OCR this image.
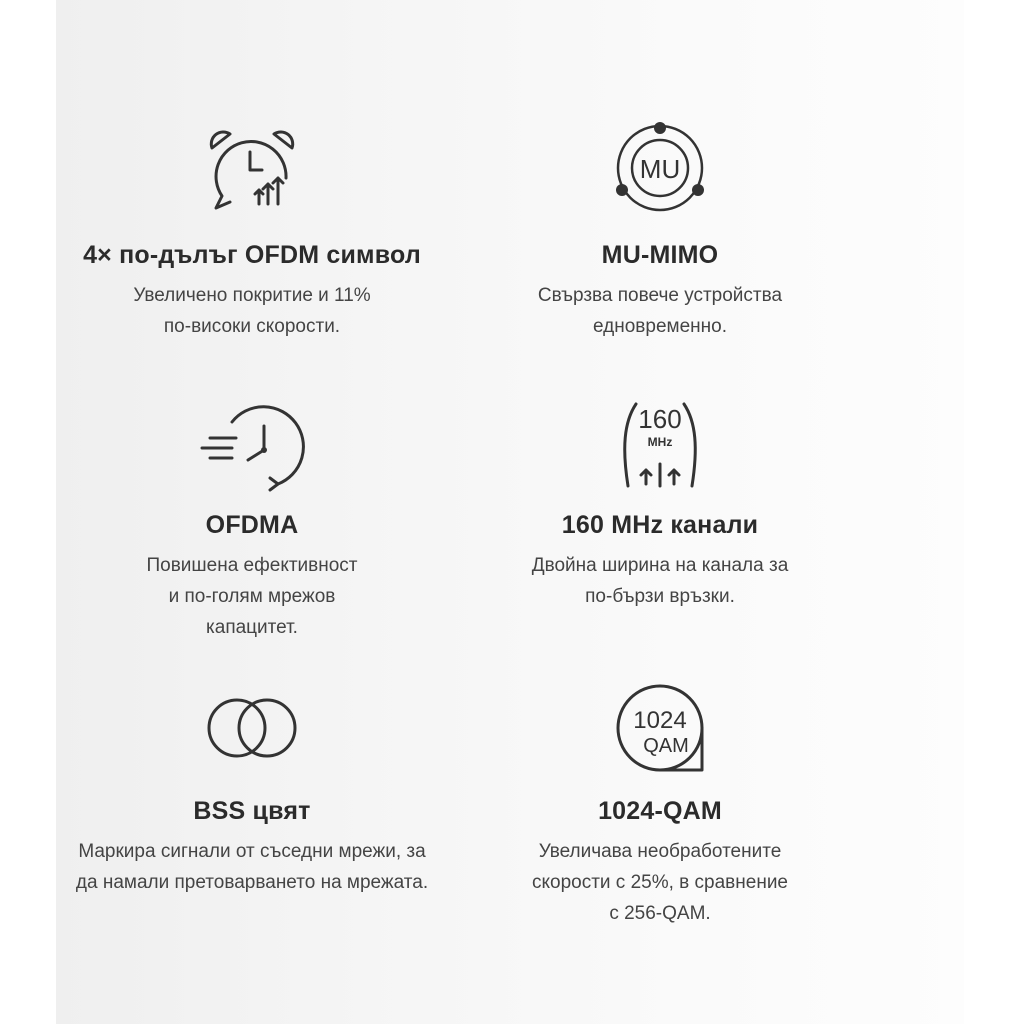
4× по-дълъг OFDM символ
Увеличено покритие и 11%
по-високи скорости.
MU
MU-MIMO
Свързва повече устройства
едновременно.
OFDMA
Повишена ефективност
и по-голям мрежов
капацитет.
160
MHz
160 MHz канали
Двойна ширина на канала за
по-бързи връзки.
BSS цвят
Маркира сигнали от съседни мрежи, за
да намали претоварването на мрежата.
1024
QAM
1024-QAM
Увеличава необработените
скорости с 25%, в сравнение
с 256-QAM.
